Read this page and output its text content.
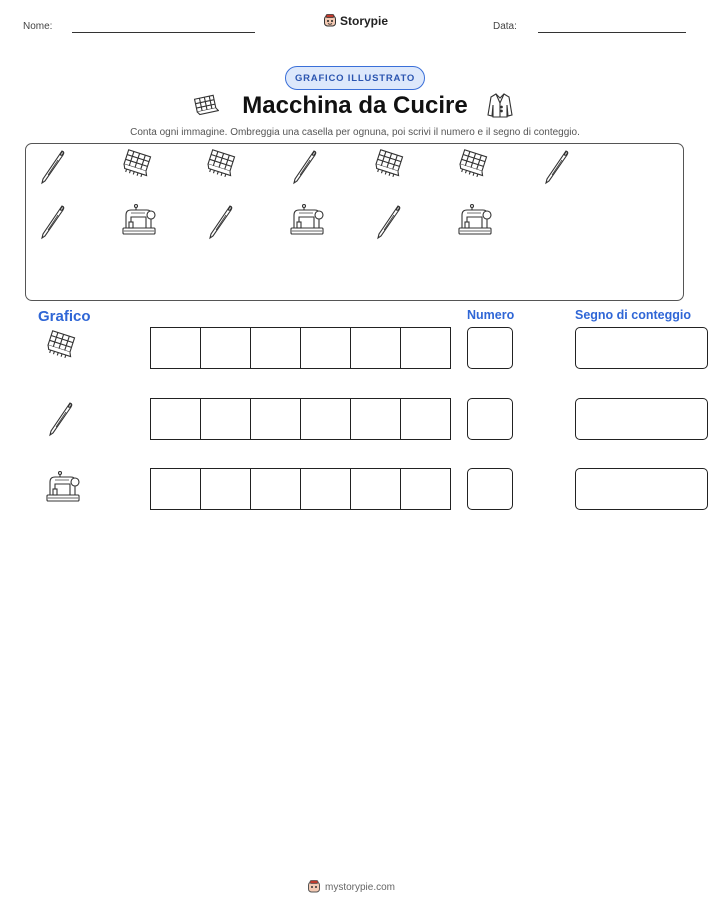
Nome:	Storypie	Data:
GRAFICO ILLUSTRATO
Macchina da Cucire
Conta ogni immagine. Ombreggia una casella per ognuna, poi scrivi il numero e il segno di conteggio.
Grafico	Numero	Segno di conteggio
mystorypie.com
